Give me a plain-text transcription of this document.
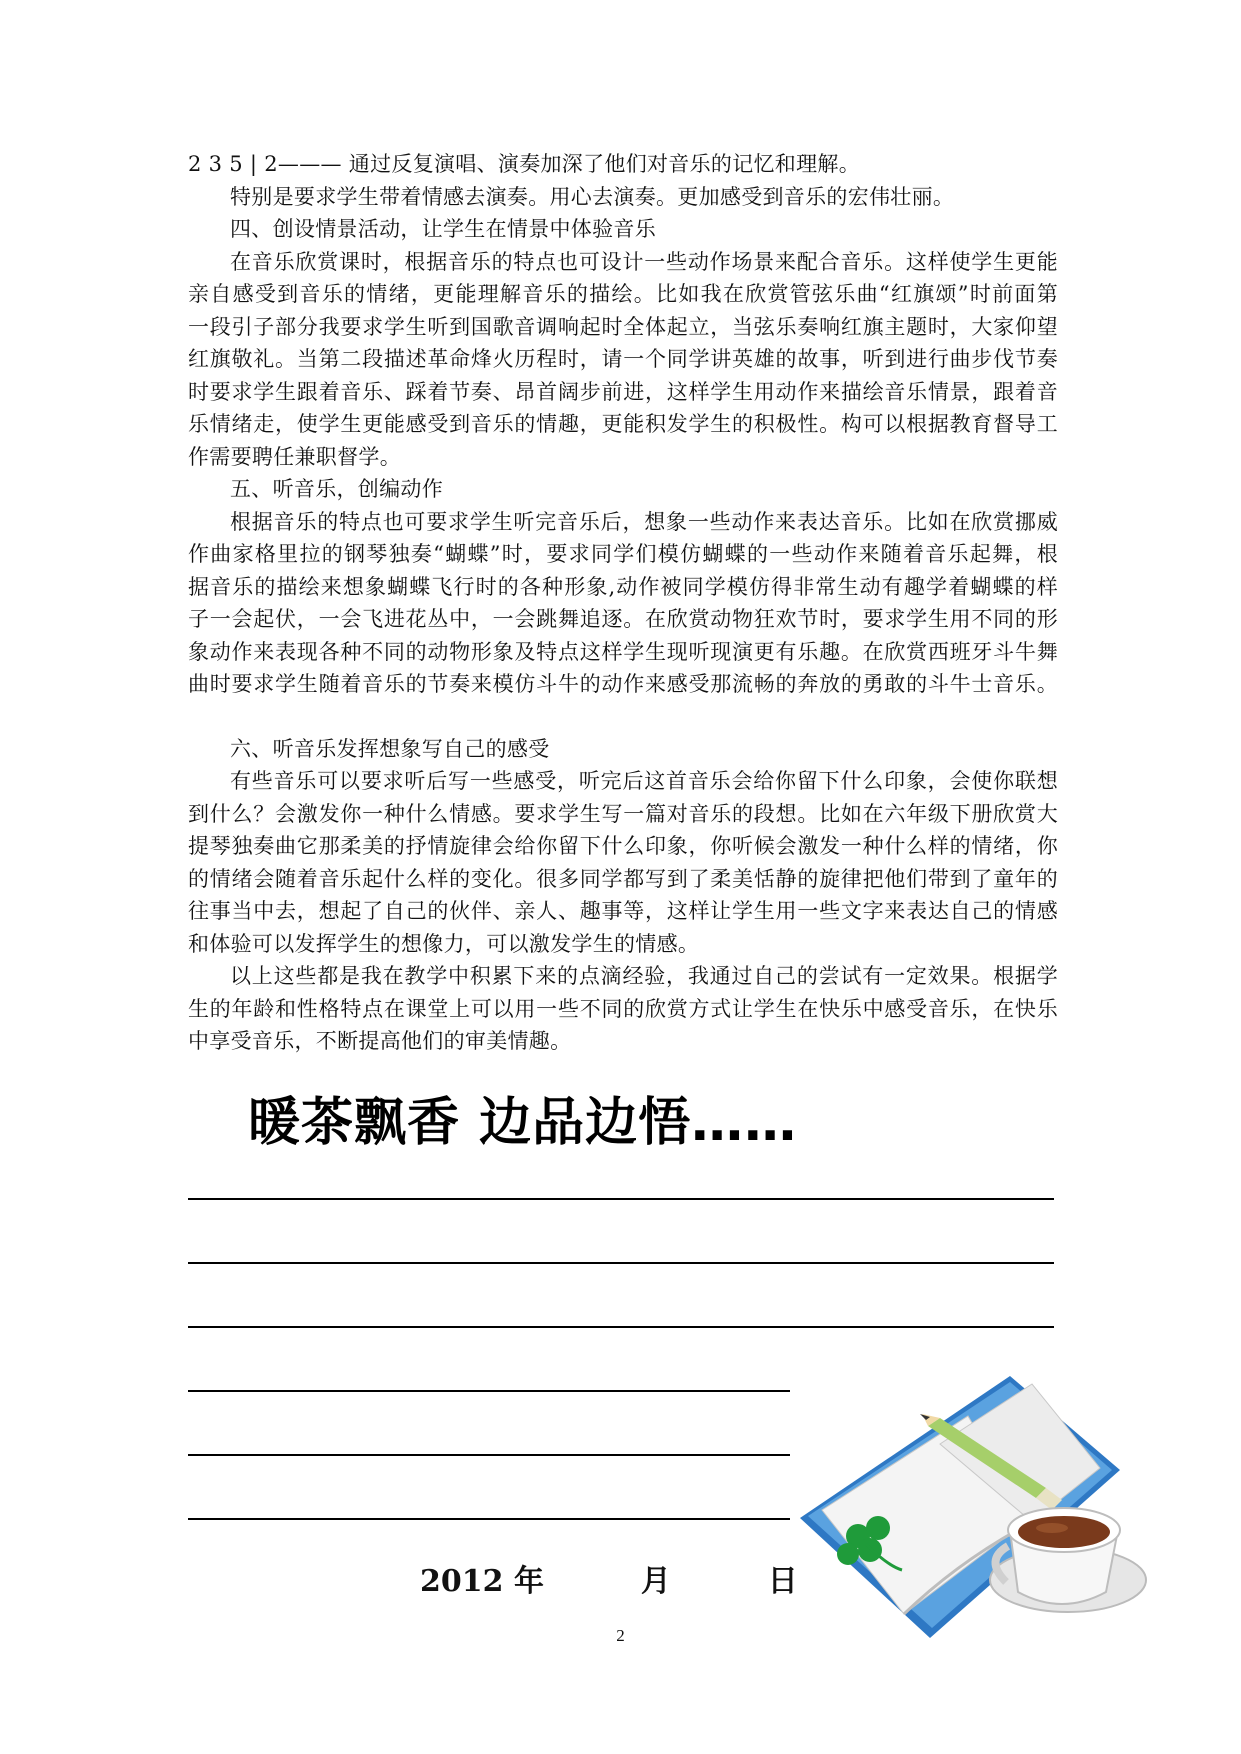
2 3 5 | 2——— 通过反复演唱、演奏加深了他们对音乐的记忆和理解。
特别是要求学生带着情感去演奏。用心去演奏。更加感受到音乐的宏伟壮丽。
四、创设情景活动，让学生在情景中体验音乐
在音乐欣赏课时，根据音乐的特点也可设计一些动作场景来配合音乐。这样使学生更能
亲自感受到音乐的情绪，更能理解音乐的描绘。比如我在欣赏管弦乐曲“红旗颂”时前面第
一段引子部分我要求学生听到国歌音调响起时全体起立，当弦乐奏响红旗主题时，大家仰望
红旗敬礼。当第二段描述革命烽火历程时，请一个同学讲英雄的故事，听到进行曲步伐节奏
时要求学生跟着音乐、踩着节奏、昂首阔步前进，这样学生用动作来描绘音乐情景，跟着音
乐情绪走，使学生更能感受到音乐的情趣，更能积发学生的积极性。构可以根据教育督导工
作需要聘任兼职督学。
五、听音乐，创编动作
根据音乐的特点也可要求学生听完音乐后，想象一些动作来表达音乐。比如在欣赏挪威
作曲家格里拉的钢琴独奏“蝴蝶”时，要求同学们模仿蝴蝶的一些动作来随着音乐起舞，根
据音乐的描绘来想象蝴蝶飞行时的各种形象,动作被同学模仿得非常生动有趣学着蝴蝶的样
子一会起伏，一会飞进花丛中，一会跳舞追逐。在欣赏动物狂欢节时，要求学生用不同的形
象动作来表现各种不同的动物形象及特点这样学生现听现演更有乐趣。在欣赏西班牙斗牛舞
曲时要求学生随着音乐的节奏来模仿斗牛的动作来感受那流畅的奔放的勇敢的斗牛士音乐。
六、听音乐发挥想象写自己的感受
有些音乐可以要求听后写一些感受，听完后这首音乐会给你留下什么印象，会使你联想
到什么？会激发你一种什么情感。要求学生写一篇对音乐的段想。比如在六年级下册欣赏大
提琴独奏曲它那柔美的抒情旋律会给你留下什么印象，你听候会激发一种什么样的情绪，你
的情绪会随着音乐起什么样的变化。很多同学都写到了柔美恬静的旋律把他们带到了童年的
往事当中去，想起了自己的伙伴、亲人、趣事等，这样让学生用一些文字来表达自己的情感
和体验可以发挥学生的想像力，可以激发学生的情感。
以上这些都是我在教学中积累下来的点滴经验，我通过自己的尝试有一定效果。根据学
生的年龄和性格特点在课堂上可以用一些不同的欣赏方式让学生在快乐中感受音乐，在快乐
中享受音乐，不断提高他们的审美情趣。
暖茶飘香 边品边悟……
2012 年	月	日
2
